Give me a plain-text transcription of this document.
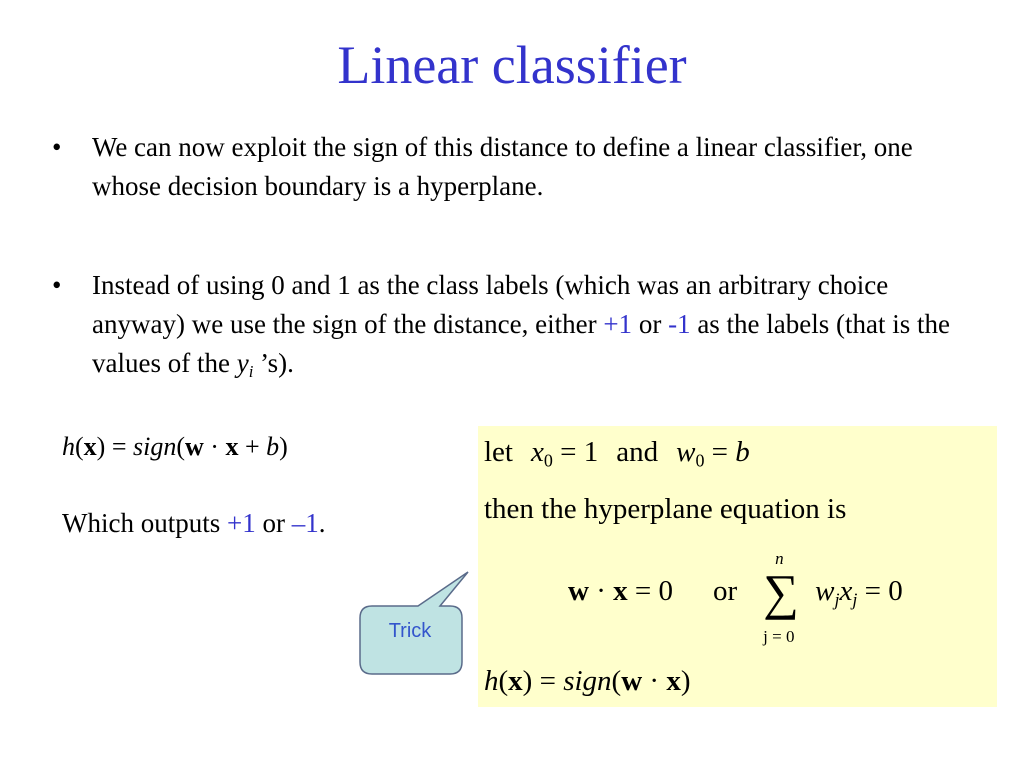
Linear classifier
• We can now exploit the sign of this distance to define a linear classifier, one whose decision boundary is a hyperplane.
• Instead of using 0 and 1 as the class labels (which was an arbitrary choice anyway) we use the sign of the distance, either +1 or -1 as the labels (that is the values of the $y_i$ ’s).
h(x) = sign(w · x + b)
Which outputs +1 or –1.
let $x_0 = 1$ and $w_0 = b$
then the hyperplane equation is
w · x = 0 or
n
∑
j = 0
$w_jx_j = 0$
h(x) = sign(w · x)
Trick
